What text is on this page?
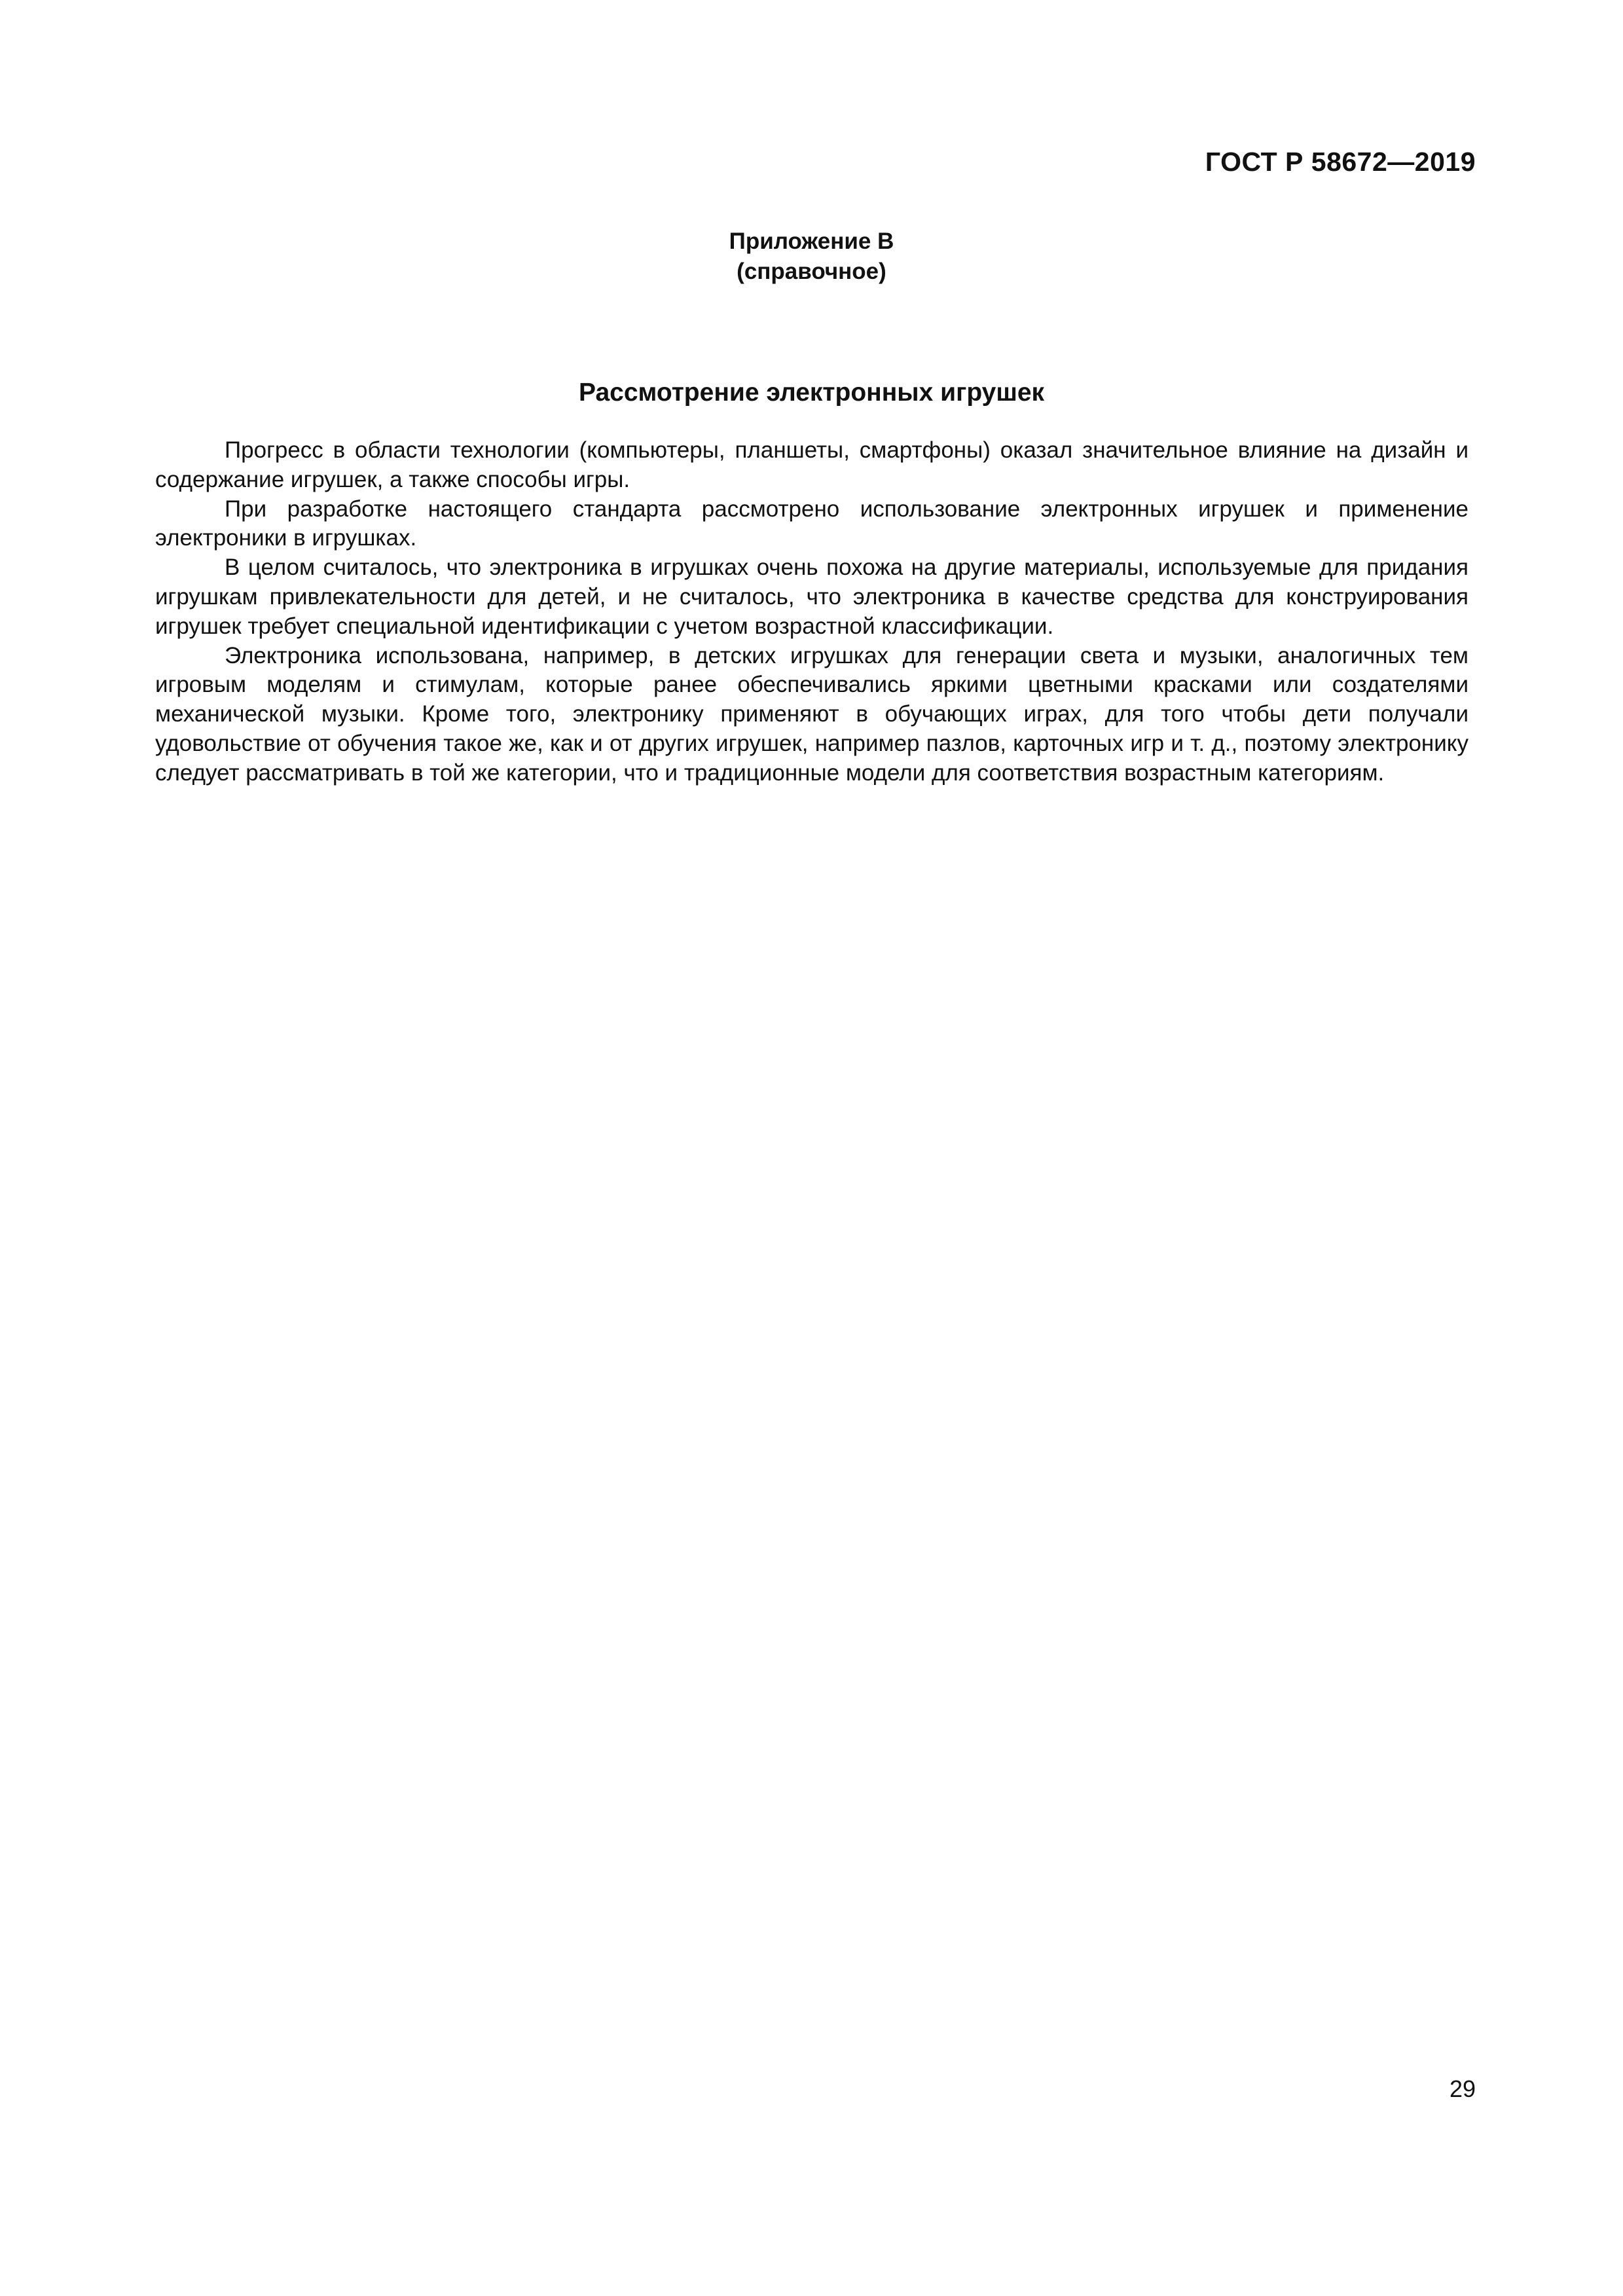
ГОСТ Р 58672—2019
Приложение В
(справочное)
Рассмотрение электронных игрушек

Прогресс в области технологии (компьютеры, планшеты, смартфоны) оказал значительное влияние на дизайн и содержание игрушек, а также способы игры.

При разработке настоящего стандарта рассмотрено использование электронных игрушек и применение электроники в игрушках.

В целом считалось, что электроника в игрушках очень похожа на другие материалы, используемые для придания игрушкам привлекательности для детей, и не считалось, что электроника в качестве средства для конструирования игрушек требует специальной идентификации с учетом возрастной классификации.

Электроника использована, например, в детских игрушках для генерации света и музыки, аналогичных тем игровым моделям и стимулам, которые ранее обеспечивались яркими цветными красками или создателями механической музыки. Кроме того, электронику применяют в обучающих играх, для того чтобы дети получали удовольствие от обучения такое же, как и от других игрушек, например пазлов, карточных игр и т. д., поэтому электронику следует рассматривать в той же категории, что и традиционные модели для соответствия возрастным категориям.

29
